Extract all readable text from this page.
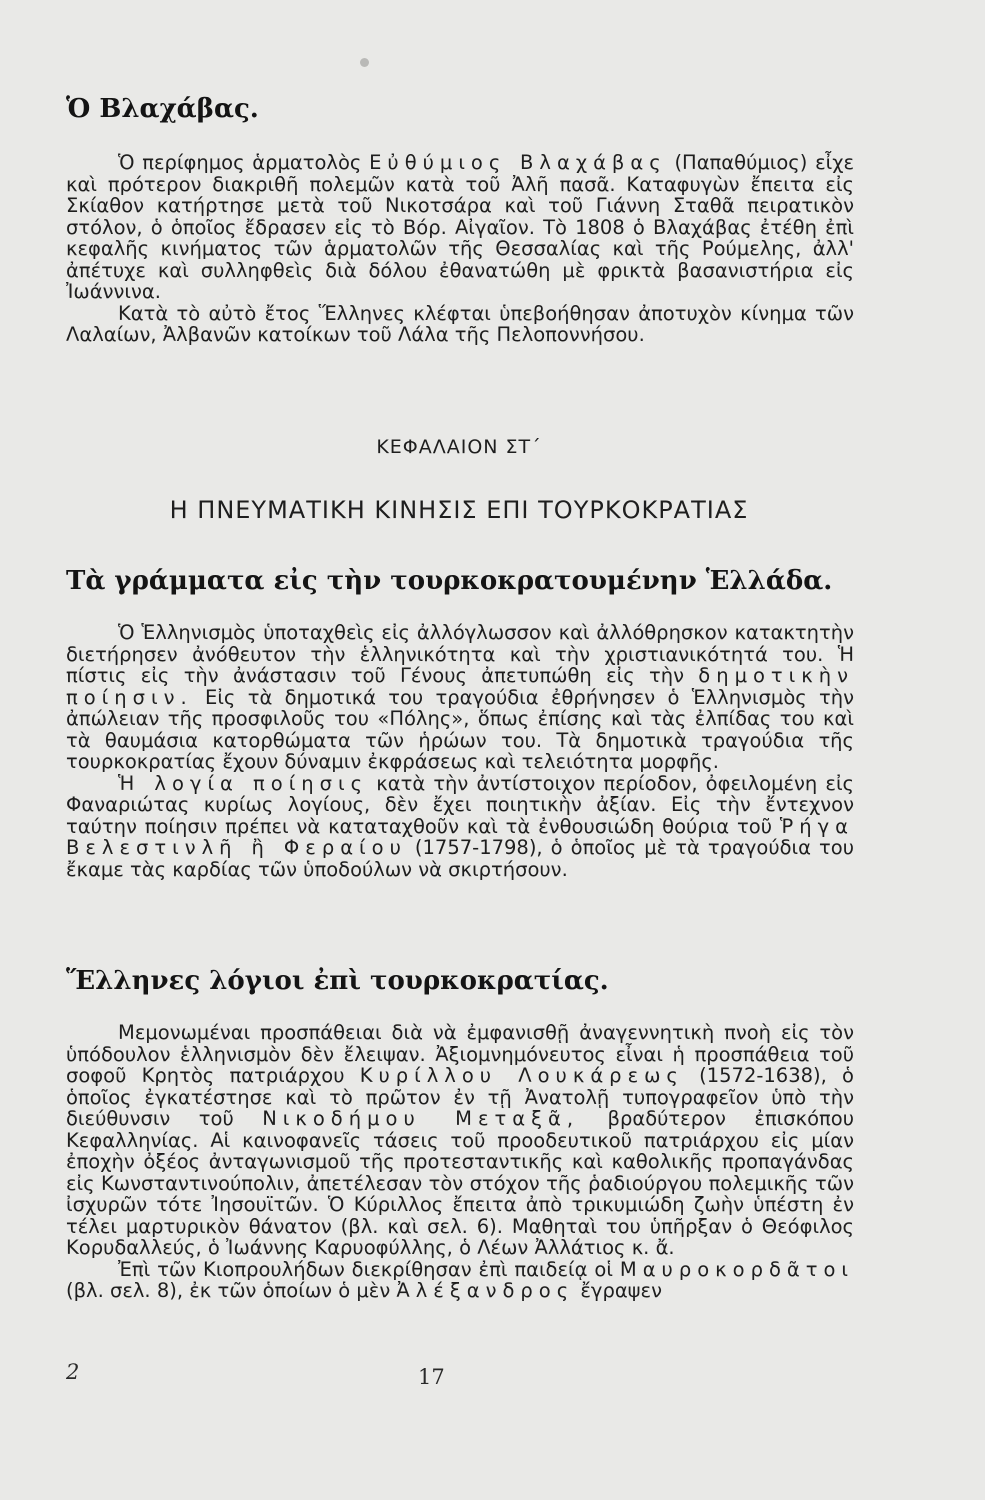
Ὁ Βλαχάβας.

Ὁ περίφημος ἁρματολὸς Εὐθύμιος Βλαχάβας (Παπαθύμιος) εἶχε καὶ πρότερον διακριθῆ πολεμῶν κατὰ τοῦ Ἀλῆ πασᾶ. Καταφυγὼν ἔπειτα εἰς Σκίαθον κατήρτησε μετὰ τοῦ Νικοτσάρα καὶ τοῦ Γιάννη Σταθᾶ πειρατικὸν στόλον, ὁ ὁποῖος ἔδρασεν εἰς τὸ Βόρ. Αἰγαῖον. Τὸ 1808 ὁ Βλαχάβας ἐτέθη ἐπὶ κεφαλῆς κινήματος τῶν ἁρματολῶν τῆς Θεσσαλίας καὶ τῆς Ρούμελης, ἀλλ' ἀπέτυχε καὶ συλληφθεὶς διὰ δόλου ἐθανατώθη μὲ φρικτὰ βασανιστήρια εἰς Ἰωάννινα.

Κατὰ τὸ αὐτὸ ἔτος Ἕλληνες κλέφται ὑπεβοήθησαν ἀποτυχὸν κίνημα τῶν Λαλαίων, Ἀλβανῶν κατοίκων τοῦ Λάλα τῆς Πελοποννήσου.

ΚΕΦΑΛΑΙΟΝ ΣΤ΄
Η ΠΝΕΥΜΑΤΙΚΗ ΚΙΝΗΣΙΣ ΕΠΙ ΤΟΥΡΚΟΚΡΑΤΙΑΣ
Τὰ γράμματα εἰς τὴν τουρκοκρατουμένην Ἑλλάδα.

Ὁ Ἑλληνισμὸς ὑποταχθεὶς εἰς ἀλλόγλωσσον καὶ ἀλλόθρησκον κατακτητὴν διετήρησεν ἀνόθευτον τὴν ἑλληνικότητα καὶ τὴν χριστιανικότητά του. Ἡ πίστις εἰς τὴν ἀνάστασιν τοῦ Γένους ἀπετυπώθη εἰς τὴν δημοτικὴν ποίησιν. Εἰς τὰ δημοτικά του τραγούδια ἐθρήνησεν ὁ Ἑλληνισμὸς τὴν ἀπώλειαν τῆς προσφιλοῦς του «Πόλης», ὅπως ἐπίσης καὶ τὰς ἐλπίδας του καὶ τὰ θαυμάσια κατορθώματα τῶν ἡρώων του. Τὰ δημοτικὰ τραγούδια τῆς τουρκοκρατίας ἔχουν δύναμιν ἐκφράσεως καὶ τελειότητα μορφῆς.

Ἡ λογία ποίησις κατὰ τὴν ἀντίστοιχον περίοδον, ὀφειλομένη εἰς Φαναριώτας κυρίως λογίους, δὲν ἔχει ποιητικὴν ἀξίαν. Εἰς τὴν ἔντεχνον ταύτην ποίησιν πρέπει νὰ καταταχθοῦν καὶ τὰ ἐνθουσιώδη θούρια τοῦ Ῥήγα Βελεστινλῆ ἢ Φεραίου (1757-1798), ὁ ὁποῖος μὲ τὰ τραγούδια του ἔκαμε τὰς καρδίας τῶν ὑποδούλων νὰ σκιρτήσουν.

Ἕλληνες λόγιοι ἐπὶ τουρκοκρατίας.

Μεμονωμέναι προσπάθειαι διὰ νὰ ἐμφανισθῇ ἀναγεννητικὴ πνοὴ εἰς τὸν ὑπόδουλον ἑλληνισμὸν δὲν ἔλειψαν. Ἀξιομνημόνευτος εἶναι ἡ προσπάθεια τοῦ σοφοῦ Κρητὸς πατριάρχου Κυρίλλου Λουκάρεως (1572-1638), ὁ ὁποῖος ἐγκατέστησε καὶ τὸ πρῶτον ἐν τῇ Ἀνατολῇ τυπογραφεῖον ὑπὸ τὴν διεύθυνσιν τοῦ Νικοδήμου Μεταξᾶ, βραδύτερον ἐπισκόπου Κεφαλληνίας. Αἱ καινοφανεῖς τάσεις τοῦ προοδευτικοῦ πατριάρχου εἰς μίαν ἐποχὴν ὀξέος ἀνταγωνισμοῦ τῆς προτεσταντικῆς καὶ καθολικῆς προπαγάνδας εἰς Κωνσταντινούπολιν, ἀπετέλεσαν τὸν στόχον τῆς ῥαδιούργου πολεμικῆς τῶν ἰσχυρῶν τότε Ἰησουϊτῶν. Ὁ Κύριλλος ἔπειτα ἀπὸ τρικυμιώδη ζωὴν ὑπέστη ἐν τέλει μαρτυρικὸν θάνατον (βλ. καὶ σελ. 6). Μαθηταὶ του ὑπῆρξαν ὁ Θεόφιλος Κορυδαλλεύς, ὁ Ἰωάννης Καρυοφύλλης, ὁ Λέων Ἀλλάτιος κ. ἄ.

Ἐπὶ τῶν Κιοπρουλήδων διεκρίθησαν ἐπὶ παιδείᾳ οἱ Μαυροκορδᾶτοι (βλ. σελ. 8), ἐκ τῶν ὁποίων ὁ μὲν Ἀλέξανδρος ἔγραψεν

2	17
